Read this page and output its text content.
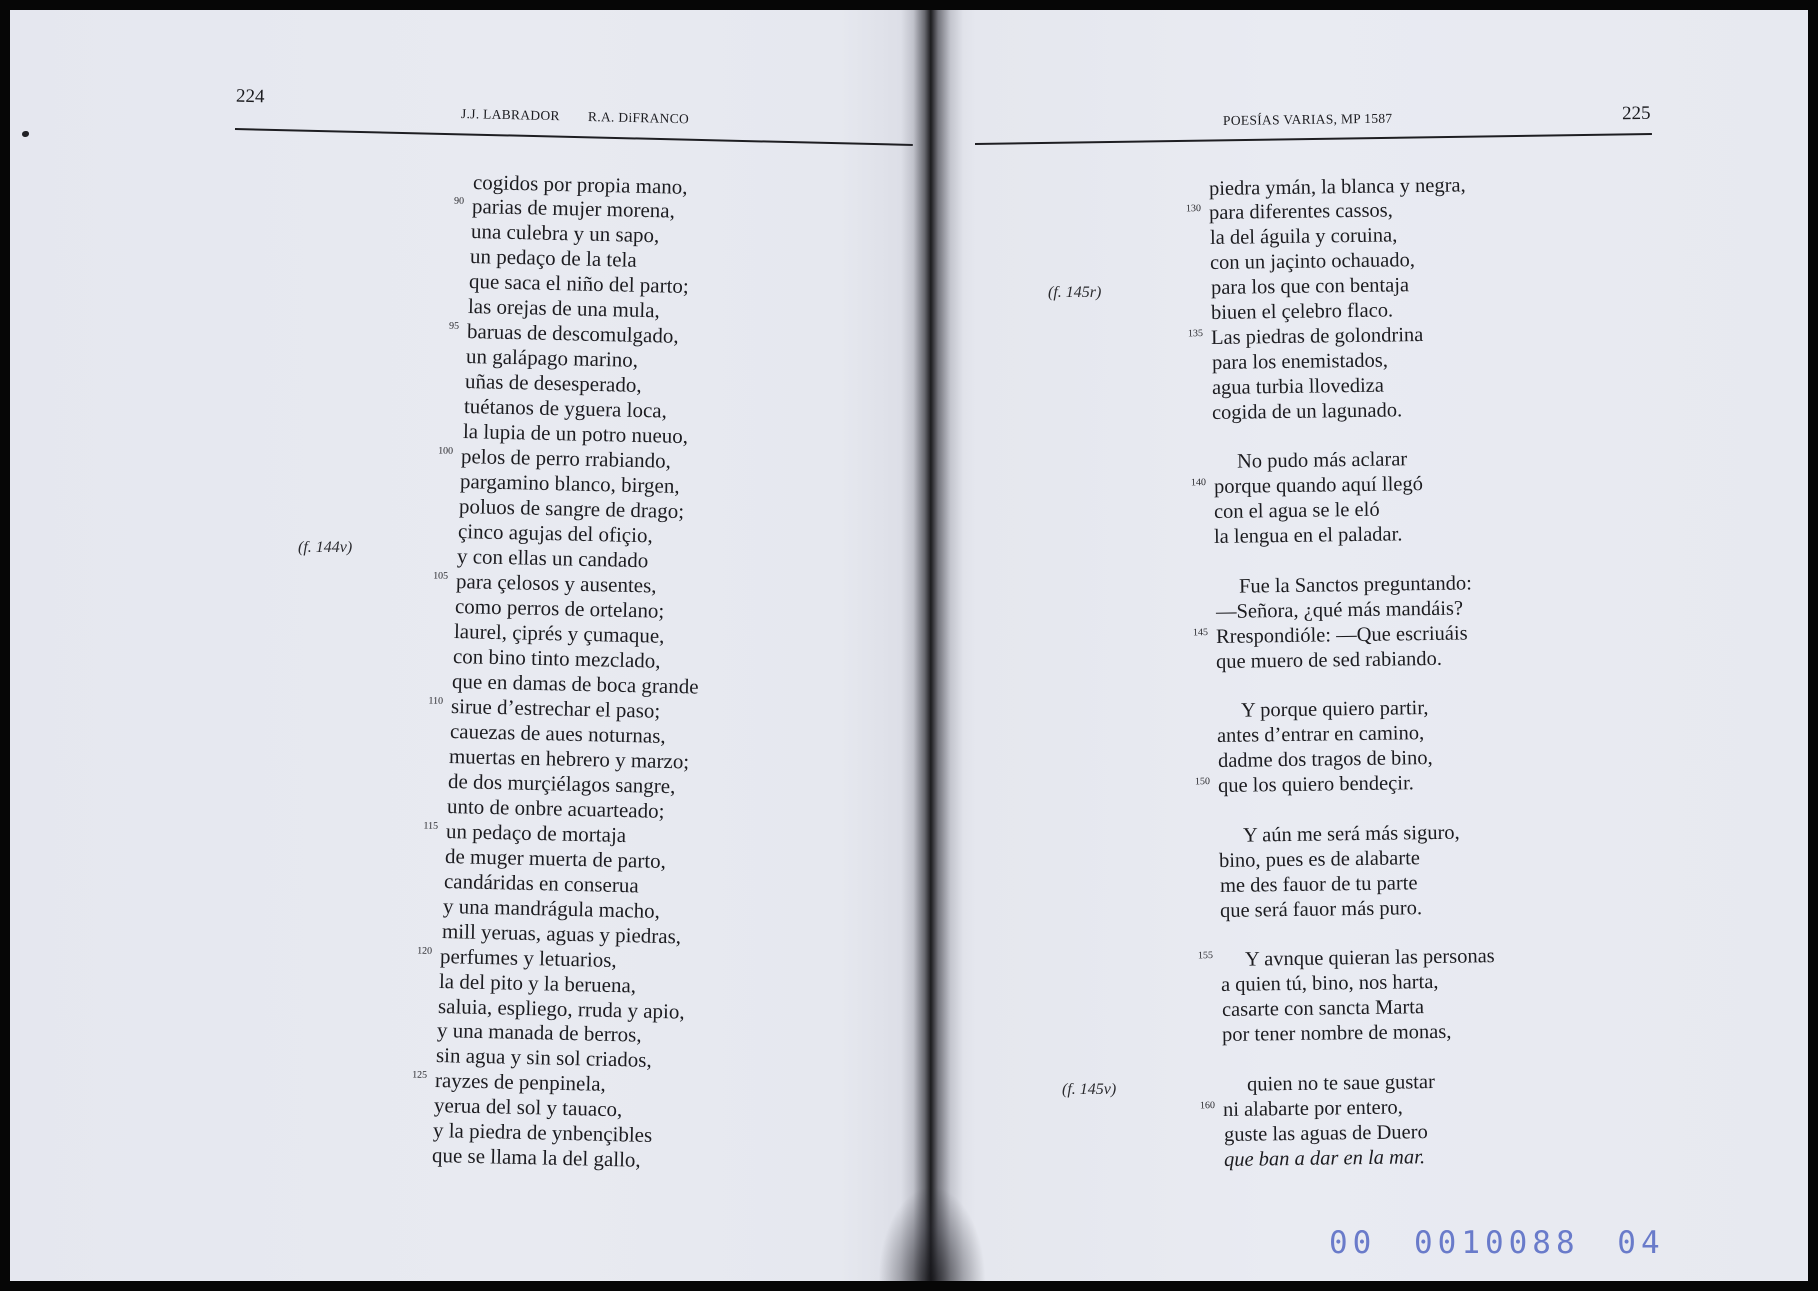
224
J.J. LABRADOR R.A. DiFRANCO
(f. 144v)
cogidos por propia mano,
90 parias de mujer morena,
una culebra y un sapo,
un pedaço de la tela
que saca el niño del parto;
las orejas de una mula,
95 baruas de descomulgado,
un galápago marino,
uñas de desesperado,
tuétanos de yguera loca,
la lupia de un potro nueuo,
100 pelos de perro rrabiando,
pargamino blanco, birgen,
poluos de sangre de drago;
çinco agujas del ofiçio,
y con ellas un candado
105 para çelosos y ausentes,
como perros de ortelano;
laurel, çiprés y çumaque,
con bino tinto mezclado,
que en damas de boca grande
110 sirue d’estrechar el paso;
cauezas de aues noturnas,
muertas en hebrero y marzo;
de dos murçiélagos sangre,
unto de onbre acuarteado;
115 un pedaço de mortaja
de muger muerta de parto,
candáridas en conserua
y una mandrágula macho,
mill yeruas, aguas y piedras,
120 perfumes y letuarios,
la del pito y la beruena,
saluia, espliego, rruda y apio,
y una manada de berros,
sin agua y sin sol criados,
125 rayzes de penpinela,
yerua del sol y tauaco,
y la piedra de ynbençibles
que se llama la del gallo,
POESÍAS VARIAS, MP 1587	225
(f. 145r)
(f. 145v)
piedra ymán, la blanca y negra,
130 para diferentes cassos,
la del águila y coruina,
con un jaçinto ochauado,
para los que con bentaja
biuen el çelebro flaco.
135 Las piedras de golondrina
para los enemistados,
agua turbia llovediza
cogida de un lagunado.
No pudo más aclarar
140 porque quando aquí llegó
con el agua se le eló
la lengua en el paladar.
Fue la Sanctos preguntando:
—Señora, ¿qué más mandáis?
145 Rrespondióle: —Que escriuáis
que muero de sed rabiando.
Y porque quiero partir,
antes d’entrar en camino,
dadme dos tragos de bino,
150 que los quiero bendeçir.
Y aún me será más siguro,
bino, pues es de alabarte
me des fauor de tu parte
que será fauor más puro.
155 Y avnque quieran las personas
a quien tú, bino, nos harta,
casarte con sancta Marta
por tener nombre de monas,
quien no te saue gustar
160 ni alabarte por entero,
guste las aguas de Duero
que ban a dar en la mar.
00 0010088 04
